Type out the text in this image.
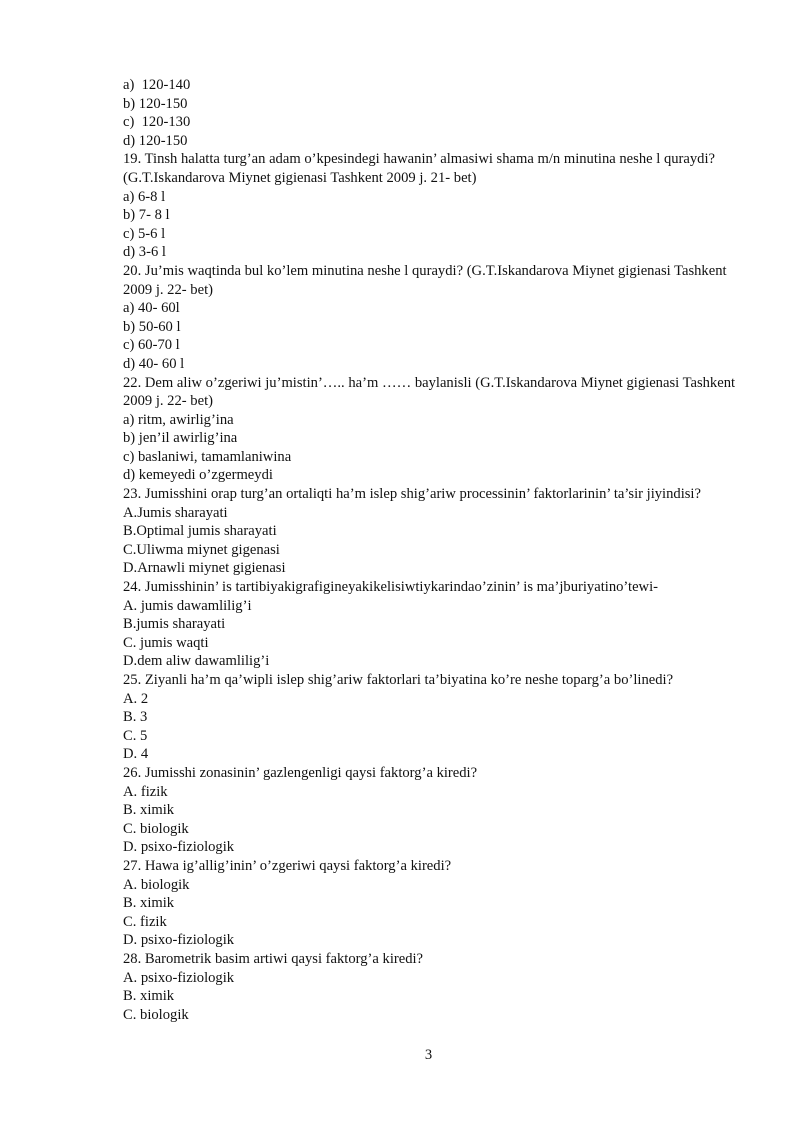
a)  120-140
b) 120-150
c)  120-130
d) 120-150
19. Tinsh halatta turg’an adam o’kpesindegi hawanin’ almasiwi shama m/n minutina neshe l quraydi? (G.T.Iskandarova Miynet gigienasi Tashkent 2009 j. 21- bet)
a) 6-8 l
b) 7- 8 l
c) 5-6 l
d) 3-6 l
20. Ju’mis waqtinda bul ko’lem minutina neshe l quraydi? (G.T.Iskandarova Miynet gigienasi Tashkent 2009 j. 22- bet)
a) 40- 60l
b) 50-60 l
c) 60-70 l
d) 40- 60 l
22. Dem aliw o’zgeriwi ju’mistin’….. ha’m …… baylanisli (G.T.Iskandarova Miynet gigienasi Tashkent 2009 j. 22- bet)
a) ritm, awirlig’ina
b) jen’il awirlig’ina
c) baslaniwi, tamamlaniwina
d) kemeyedi o’zgermeydi
23. Jumisshini orap turg’an ortaliqti ha’m islep shig’ariw processinin’ faktorlarinin’ ta’sir jiyindisi?
A.Jumis sharayati
B.Optimal jumis sharayati
C.Uliwma miynet gigenasi
D.Arnawli miynet gigienasi
24. Jumisshinin’ is tartibiyakigrafigineyakikelisiwtiykarindao’zinin’ is ma’jburiyatino’tewi-
A. jumis dawamlilig’i
B.jumis sharayati
C. jumis waqti
D.dem aliw dawamlilig’i
25. Ziyanli ha’m qa’wipli islep shig’ariw faktorlari ta’biyatina ko’re neshe toparg’a bo’linedi?
A. 2
B. 3
C. 5
D. 4
26. Jumisshi zonasinin’ gazlengenligi qaysi faktorg’a kiredi?
A. fizik
B. ximik
C. biologik
D. psixo-fiziologik
27. Hawa ig’allig’inin’ o’zgeriwi qaysi faktorg’a kiredi?
A. biologik
B. ximik
C. fizik
D. psixo-fiziologik
28. Barometrik basim artiwi qaysi faktorg’a kiredi?
A. psixo-fiziologik
B. ximik
C. biologik
3
